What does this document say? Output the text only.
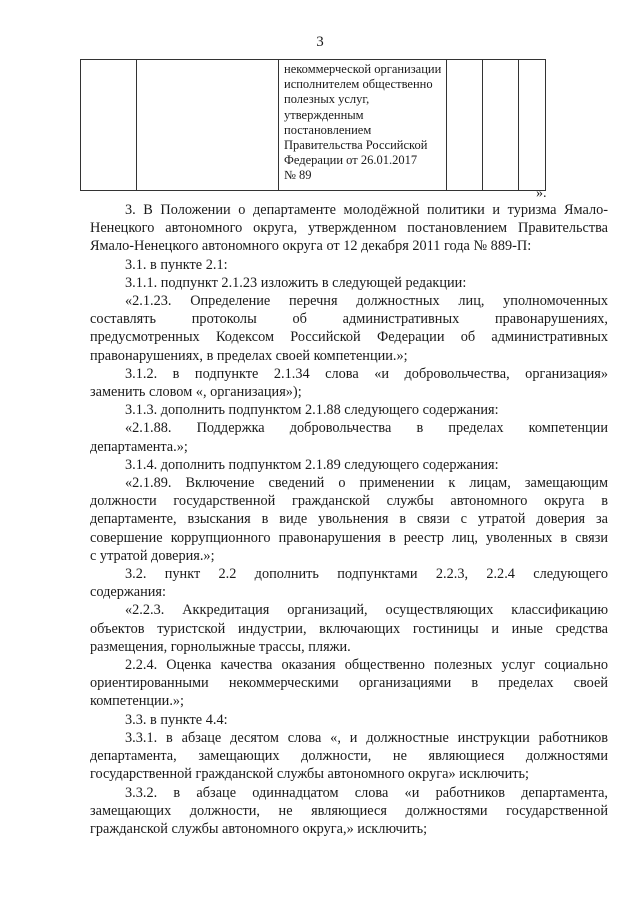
3

некоммерческой организации
исполнителем общественно
полезных услуг,
утвержденным
постановлением
Правительства Российской
Федерации от 26.01.2017
№ 89

».
3. В Положении о департаменте молодёжной политики и туризма Ямало-
Ненецкого автономного округа, утвержденном постановлением Правительства
Ямало-Ненецкого автономного округа от 12 декабря 2011 года № 889-П:
3.1. в пункте 2.1:
3.1.1. подпункт 2.1.23 изложить в следующей редакции:
«2.1.23. Определение перечня должностных лиц, уполномоченных
составлять протоколы об административных правонарушениях,
предусмотренных Кодексом Российской Федерации об административных
правонарушениях, в пределах своей компетенции.»;
3.1.2. в подпункте 2.1.34 слова «и добровольчества, организация»
заменить словом «, организация»);
3.1.3. дополнить подпунктом 2.1.88 следующего содержания:
«2.1.88. Поддержка добровольчества в пределах компетенции
департамента.»;
3.1.4. дополнить подпунктом 2.1.89 следующего содержания:
«2.1.89. Включение сведений о применении к лицам, замещающим
должности государственной гражданской службы автономного округа в
департаменте, взыскания в виде увольнения в связи с утратой доверия за
совершение коррупционного правонарушения в реестр лиц, уволенных в связи
с утратой доверия.»;
3.2. пункт 2.2 дополнить подпунктами 2.2.3, 2.2.4 следующего
содержания:
«2.2.3. Аккредитация организаций, осуществляющих классификацию
объектов туристской индустрии, включающих гостиницы и иные средства
размещения, горнолыжные трассы, пляжи.
2.2.4. Оценка качества оказания общественно полезных услуг социально
ориентированными некоммерческими организациями в пределах своей
компетенции.»;
3.3. в пункте 4.4:
3.3.1. в абзаце десятом слова «, и должностные инструкции работников
департамента, замещающих должности, не являющиеся должностями
государственной гражданской службы автономного округа» исключить;
3.3.2. в абзаце одиннадцатом слова «и работников департамента,
замещающих должности, не являющиеся должностями государственной
гражданской службы автономного округа,» исключить;
